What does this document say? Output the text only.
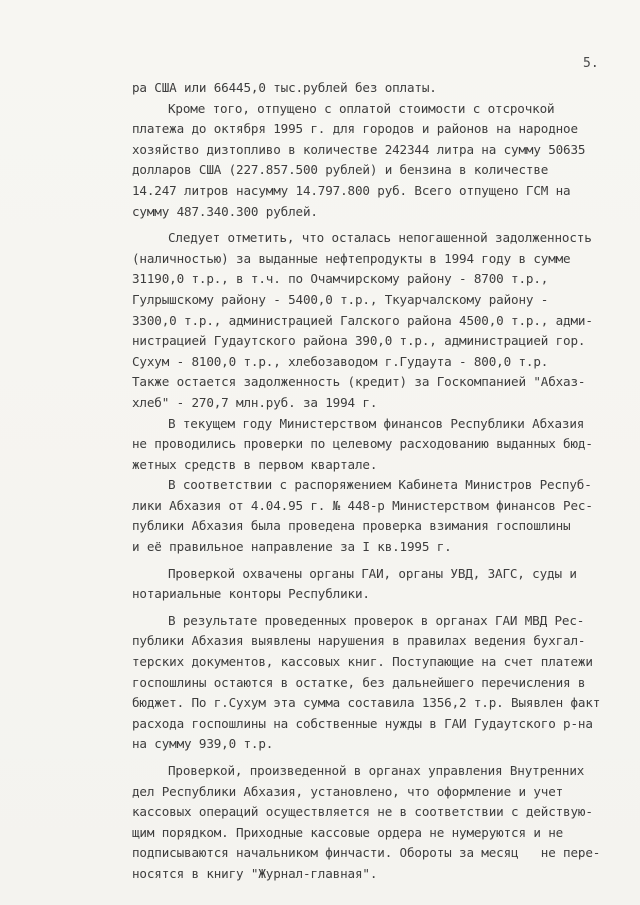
5.
ра США или 66445,0 тыс.рублей без оплаты.
Кроме того, отпущено с оплатой стоимости с отсрочкой
платежа до октября 1995 г. для городов и районов на народное
хозяйство дизтопливо в количестве 242344 литра на сумму 50635
долларов США (227.857.500 рублей) и бензина в количестве
14.247 литров насумму 14.797.800 руб. Всего отпущено ГСМ на
сумму 487.340.300 рублей.
Следует отметить, что осталась непогашенной задолженность
(наличностью) за выданные нефтепродукты в 1994 году в сумме
31190,0 т.р., в т.ч. по Очамчирскому району - 8700 т.р.,
Гулрышскому району - 5400,0 т.р., Ткуарчалскому району -
3300,0 т.р., администрацией Галского района 4500,0 т.р., адми-
нистрацией Гудаутского района 390,0 т.р., администрацией гор.
Сухум - 8100,0 т.р., хлебозаводом г.Гудаута - 800,0 т.р.
Также остается задолженность (кредит) за Госкомпанией "Абхаз-
хлеб" - 270,7 млн.руб. за 1994 г.
В текущем году Министерством финансов Республики Абхазия
не проводились проверки по целевому расходованию выданных бюд-
жетных средств в первом квартале.
В соответствии с распоряжением Кабинета Министров Респуб-
лики Абхазия от 4.04.95 г. № 448-р Министерством финансов Рес-
публики Абхазия была проведена проверка взимания госпошлины
и её правильное направление за I кв.1995 г.
Проверкой охвачены органы ГАИ, органы УВД, ЗАГС, суды и
нотариальные конторы Республики.
В результате проведенных проверок в органах ГАИ МВД Рес-
публики Абхазия выявлены нарушения в правилах ведения бухгал-
терских документов, кассовых книг. Поступающие на счет платежи
госпошлины остаются в остатке, без дальнейшего перечисления в
бюджет. По г.Сухум эта сумма составила 1356,2 т.р. Выявлен факт
расхода госпошлины на собственные нужды в ГАИ Гудаутского р-на
на сумму 939,0 т.р.
Проверкой, произведенной в органах управления Внутренних
дел Республики Абхазия, установлено, что оформление и учет
кассовых операций осуществляется не в соответствии с действую-
щим порядком. Приходные кассовые ордера не нумеруются и не
подписываются начальником финчасти. Обороты за месяц   не пере-
носятся в книгу "Журнал-главная".
